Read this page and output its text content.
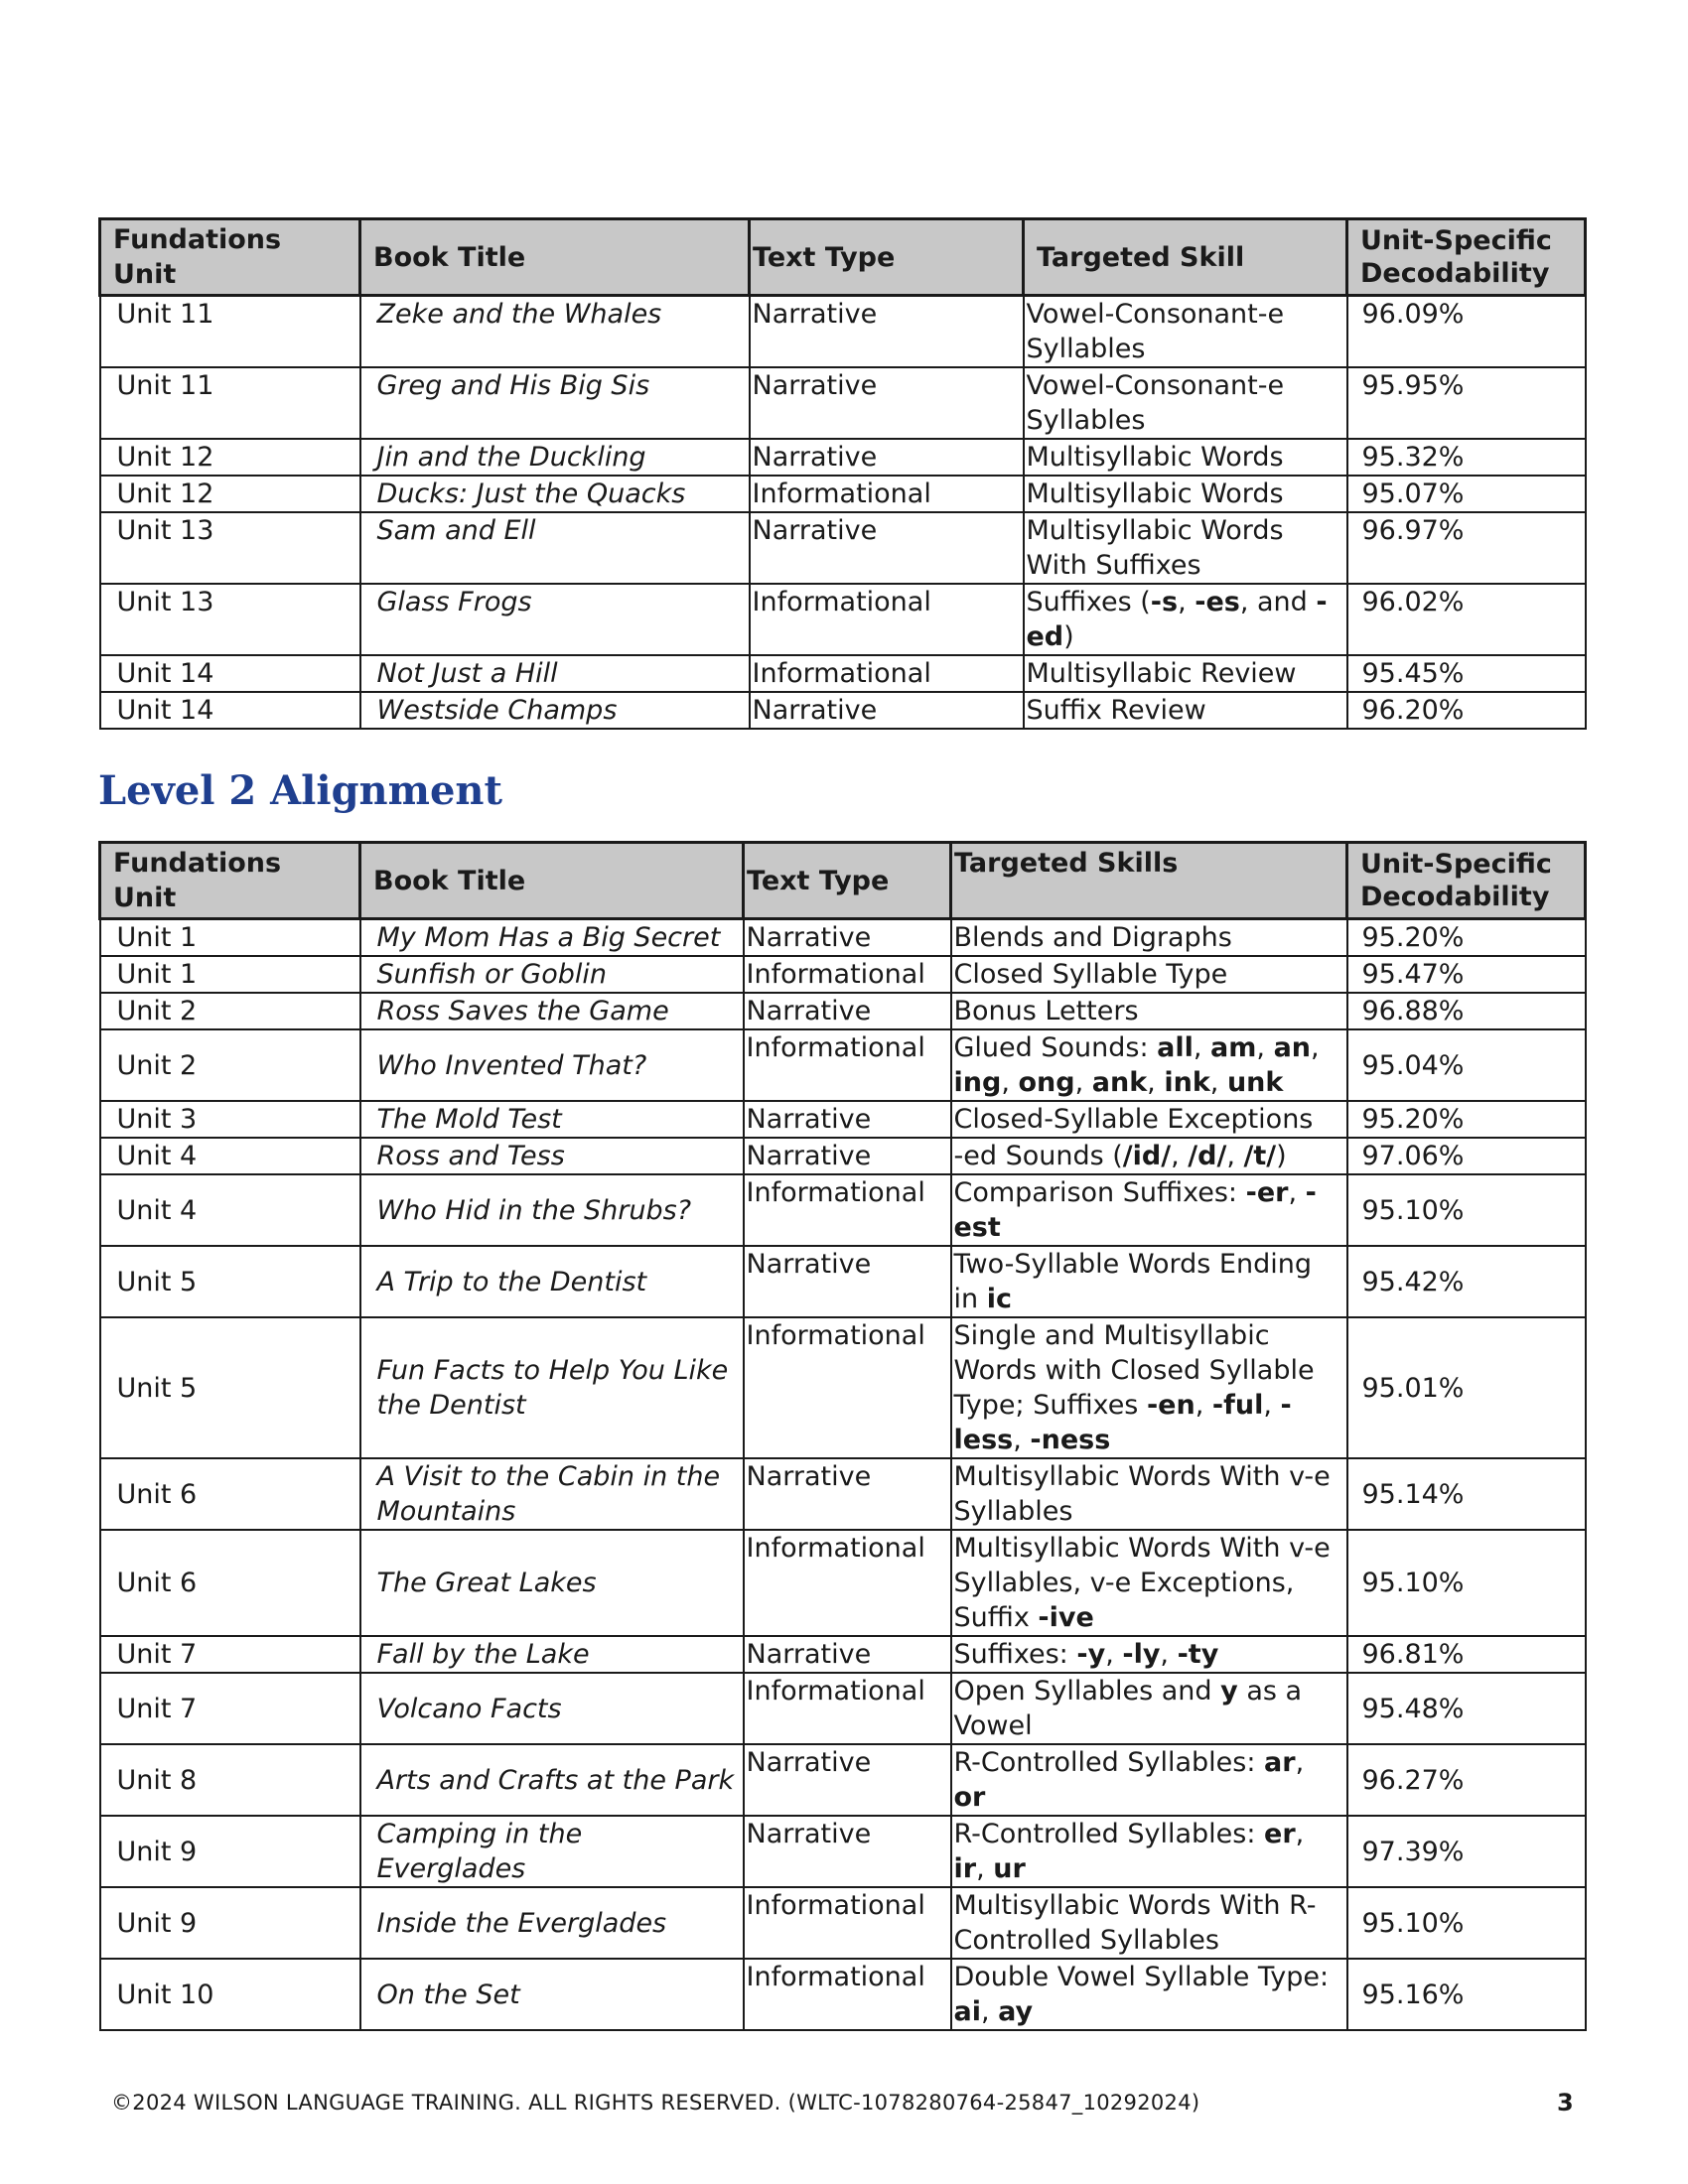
Fundations Unit	Book Title	Text Type	Targeted Skill	Unit-Specific Decodability
Unit 11	Zeke and the Whales	Narrative	Vowel-Consonant-e Syllables	96.09%
Unit 11	Greg and His Big Sis	Narrative	Vowel-Consonant-e Syllables	95.95%
Unit 12	Jin and the Duckling	Narrative	Multisyllabic Words	95.32%
Unit 12	Ducks: Just the Quacks	Informational	Multisyllabic Words	95.07%
Unit 13	Sam and Ell	Narrative	Multisyllabic Words With Suffixes	96.97%
Unit 13	Glass Frogs	Informational	Suffixes (-s, -es, and -ed)	96.02%
Unit 14	Not Just a Hill	Informational	Multisyllabic Review	95.45%
Unit 14	Westside Champs	Narrative	Suffix Review	96.20%
Level 2 Alignment
Fundations Unit	Book Title	Text Type	Targeted Skills	Unit-Specific Decodability
Unit 1	My Mom Has a Big Secret	Narrative	Blends and Digraphs	95.20%
Unit 1	Sunfish or Goblin	Informational	Closed Syllable Type	95.47%
Unit 2	Ross Saves the Game	Narrative	Bonus Letters	96.88%
Unit 2	Who Invented That?	Informational	Glued Sounds: all, am, an, ing, ong, ank, ink, unk	95.04%
Unit 3	The Mold Test	Narrative	Closed-Syllable Exceptions	95.20%
Unit 4	Ross and Tess	Narrative	-ed Sounds (/id/, /d/, /t/)	97.06%
Unit 4	Who Hid in the Shrubs?	Informational	Comparison Suffixes: -er, -est	95.10%
Unit 5	A Trip to the Dentist	Narrative	Two-Syllable Words Ending in ic	95.42%
Unit 5	Fun Facts to Help You Like the Dentist	Informational	Single and Multisyllabic Words with Closed Syllable Type; Suffixes -en, -ful, -less, -ness	95.01%
Unit 6	A Visit to the Cabin in the Mountains	Narrative	Multisyllabic Words With v-e Syllables	95.14%
Unit 6	The Great Lakes	Informational	Multisyllabic Words With v-e Syllables, v-e Exceptions, Suffix -ive	95.10%
Unit 7	Fall by the Lake	Narrative	Suffixes: -y, -ly, -ty	96.81%
Unit 7	Volcano Facts	Informational	Open Syllables and y as a Vowel	95.48%
Unit 8	Arts and Crafts at the Park	Narrative	R-Controlled Syllables: ar, or	96.27%
Unit 9	Camping in the Everglades	Narrative	R-Controlled Syllables: er, ir, ur	97.39%
Unit 9	Inside the Everglades	Informational	Multisyllabic Words With R-Controlled Syllables	95.10%
Unit 10	On the Set	Informational	Double Vowel Syllable Type: ai, ay	95.16%
©2024 WILSON LANGUAGE TRAINING. ALL RIGHTS RESERVED. (WLTC-1078280764-25847_10292024)	3
